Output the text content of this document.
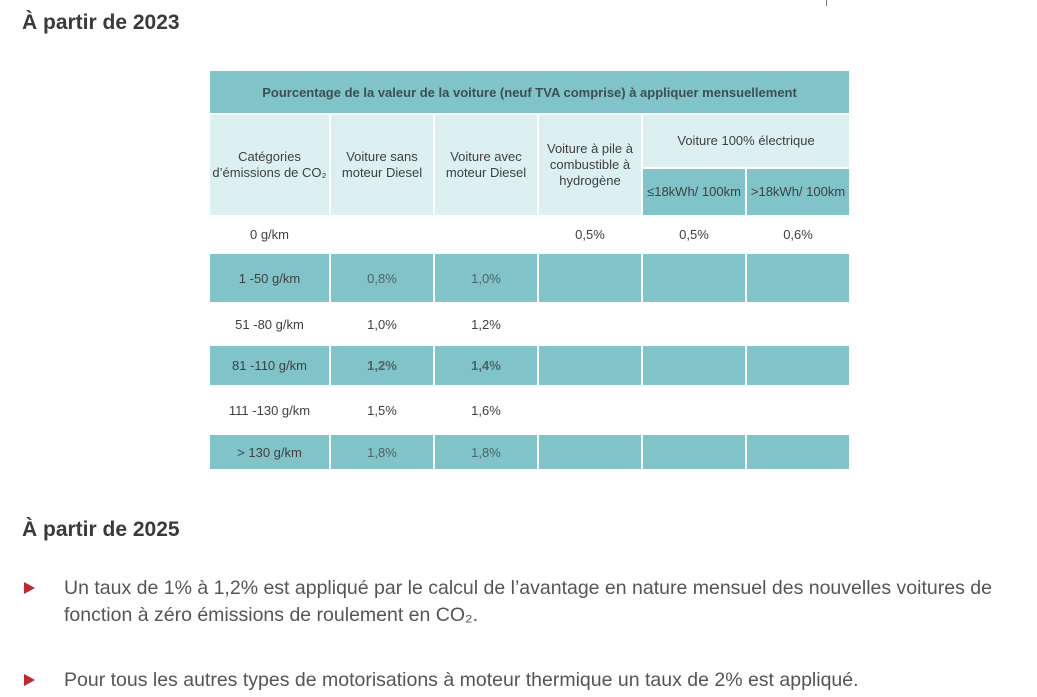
À partir de 2023
Pourcentage de la valeur de la voiture (neuf TVA comprise) à appliquer mensuellement					
Catégories d’émissions de CO₂	Voiture sans moteur Diesel	Voiture avec moteur Diesel	Voiture à pile à combustible à hydrogène	Voiture 100% électrique	
				≤18kWh/ 100km	>18kWh/ 100km
0 g/km			0,5%	0,5%	0,6%
1 -50 g/km	0,8%	1,0%			
51 -80 g/km	1,0%	1,2%			
81 -110 g/km	1,2%	1,4%			
111 -130 g/km	1,5%	1,6%			
> 130 g/km	1,8%	1,8%			
À partir de 2025
Un taux de 1% à 1,2% est appliqué par le calcul de l’avantage en nature mensuel des nouvelles voitures de fonction à zéro émissions de roulement en CO₂.
Pour tous les autres types de motorisations à moteur thermique un taux de 2% est appliqué.
